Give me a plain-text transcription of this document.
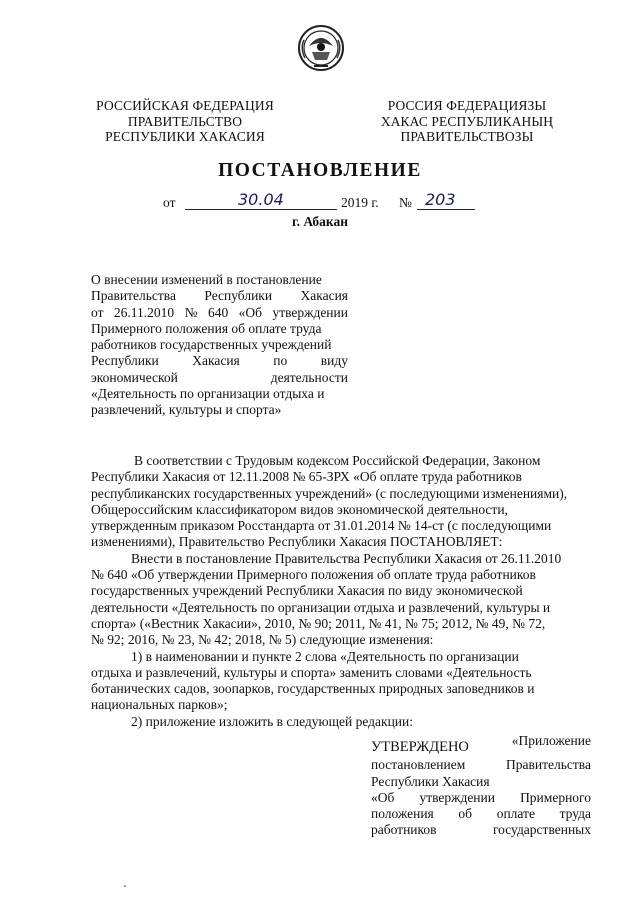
РОССИЙСКАЯ ФЕДЕРАЦИЯ
ПРАВИТЕЛЬСТВО
РЕСПУБЛИКИ ХАКАСИЯ
РОССИЯ ФЕДЕРАЦИЯЗЫ
ХАКАС РЕСПУБЛИКАНЫҢ
ПРАВИТЕЛЬСТВОЗЫ
ПОСТАНОВЛЕНИЕ
от	30.04	2019 г. № 203
г. Абакан
О внесении изменений в постановление
Правительства Республики Хакасия
от 26.11.2010 № 640 «Об утверждении
Примерного положения об оплате труда
работников государственных учреждений
Республики Хакасия по виду
экономической	деятельности
«Деятельность по организации отдыха и
развлечений, культуры и спорта»
В соответствии с Трудовым кодексом Российской Федерации, Законом
Республики Хакасия от 12.11.2008 № 65-ЗРХ «Об оплате труда работников
республиканских государственных учреждений» (с последующими изменениями),
Общероссийским классификатором видов экономической деятельности,
утвержденным приказом Росстандарта от 31.01.2014 № 14-ст (с последующими
изменениями), Правительство Республики Хакасия ПОСТАНОВЛЯЕТ:
Внести в постановление Правительства Республики Хакасия от 26.11.2010
№ 640 «Об утверждении Примерного положения об оплате труда работников
государственных учреждений Республики Хакасия по виду экономической
деятельности «Деятельность по организации отдыха и развлечений, культуры и
спорта» («Вестник Хакасии», 2010, № 90; 2011, № 41, № 75; 2012, № 49, № 72,
№ 92; 2016, № 23, № 42; 2018, № 5) следующие изменения:
1) в наименовании и пункте 2 слова «Деятельность по организации
отдыха и развлечений, культуры и спорта» заменить словами «Деятельность
ботанических садов, зоопарков, государственных природных заповедников и
национальных парков»;
2) приложение изложить в следующей редакции:
«Приложение
УТВЕРЖДЕНО
постановлением	Правительства
Республики Хакасия
«Об утверждении Примерного
положения об оплате труда
работников	государственных
